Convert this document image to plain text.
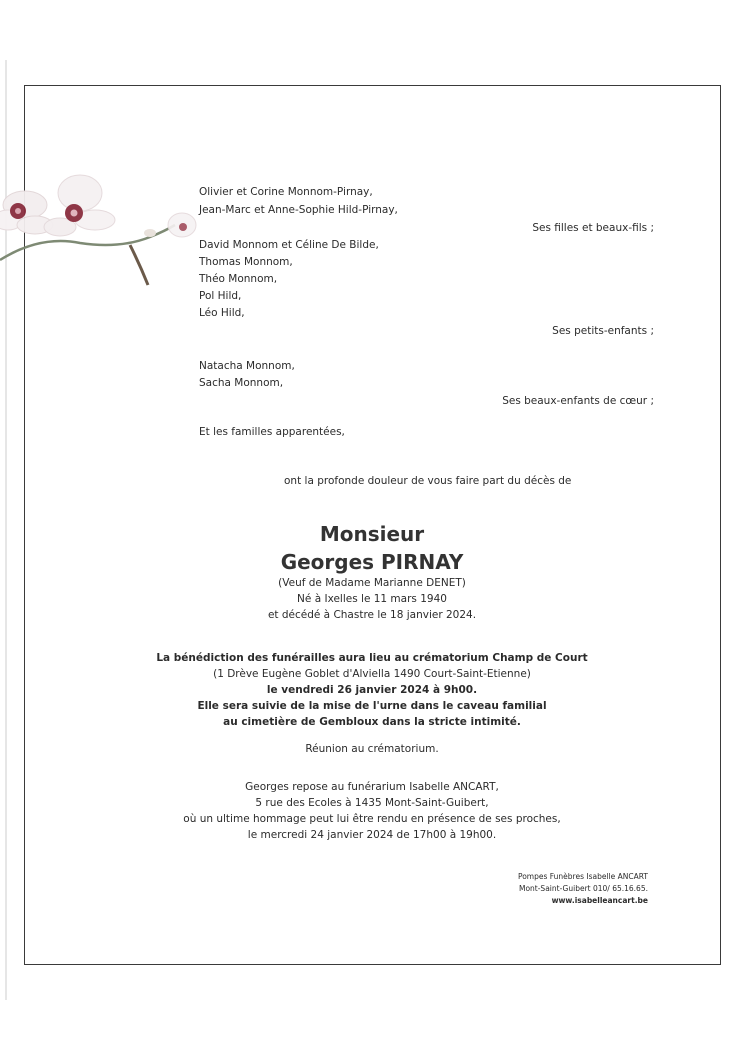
Olivier et Corine Monnom-Pirnay,
Jean-Marc et Anne-Sophie Hild-Pirnay,
Ses filles et beaux-fils ;
David Monnom et Céline De Bilde,
Thomas Monnom,
Théo Monnom,
Pol Hild,
Léo Hild,
Ses petits-enfants ;
Natacha Monnom,
Sacha Monnom,
Ses beaux-enfants de cœur ;
Et les familles apparentées,
ont la profonde douleur de vous faire part du décès de
Monsieur
Georges PIRNAY
(Veuf de Madame Marianne DENET)
Né à Ixelles le 11 mars 1940
et décédé à Chastre le 18 janvier 2024.
La bénédiction des funérailles aura lieu au crématorium Champ de Court
(1 Drève Eugène Goblet d'Alviella 1490 Court-Saint-Etienne)
le vendredi 26 janvier 2024 à 9h00.
Elle sera suivie de la mise de l'urne dans le caveau familial
au cimetière de Gembloux dans la stricte intimité.
Réunion au crématorium.
Georges repose au funérarium Isabelle ANCART,
5 rue des Ecoles à 1435 Mont-Saint-Guibert,
où un ultime hommage peut lui être rendu en présence de ses proches,
le mercredi 24 janvier 2024 de 17h00 à 19h00.
Pompes Funèbres Isabelle ANCART
Mont-Saint-Guibert 010/ 65.16.65.
www.isabelleancart.be
